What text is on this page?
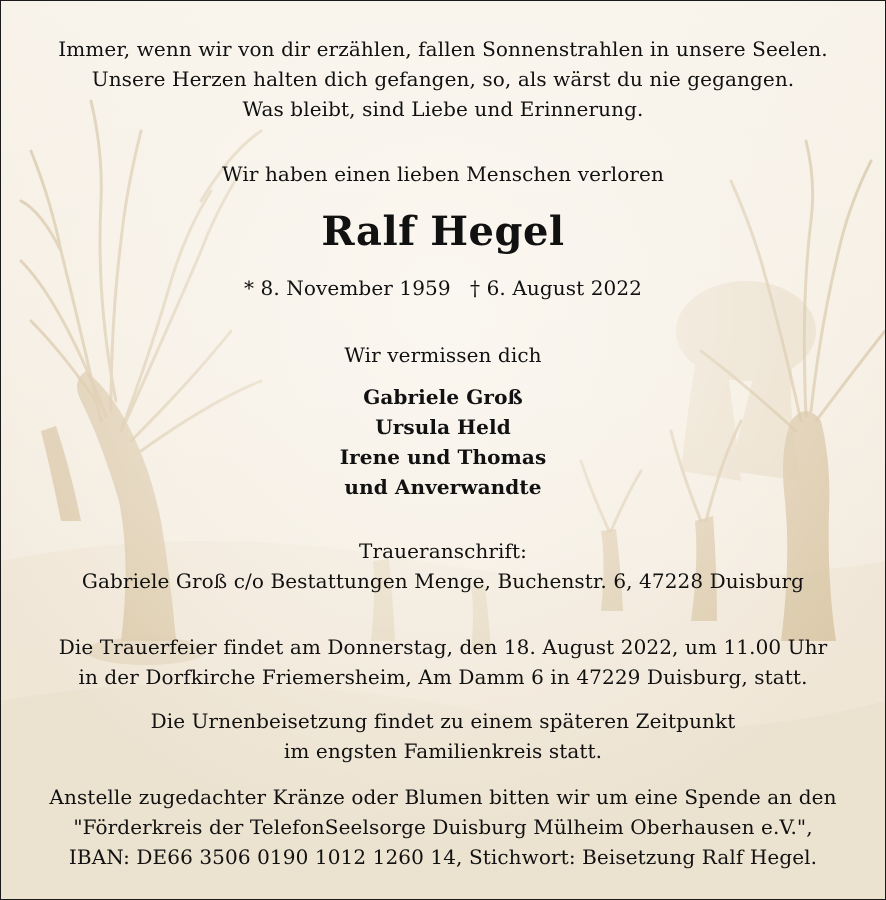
Immer, wenn wir von dir erzählen, fallen Sonnenstrahlen in unsere Seelen.
Unsere Herzen halten dich gefangen, so, als wärst du nie gegangen.
Was bleibt, sind Liebe und Erinnerung.
Wir haben einen lieben Menschen verloren
Ralf Hegel
* 8. November 1959   † 6. August 2022
Wir vermissen dich
Gabriele Groß
Ursula Held
Irene und Thomas
und Anverwandte
Traueranschrift:
Gabriele Groß c/o Bestattungen Menge, Buchenstr. 6, 47228 Duisburg
Die Trauerfeier findet am Donnerstag, den 18. August 2022, um 11.00 Uhr
in der Dorfkirche Friemersheim, Am Damm 6 in 47229 Duisburg, statt.
Die Urnenbeisetzung findet zu einem späteren Zeitpunkt
im engsten Familienkreis statt.
Anstelle zugedachter Kränze oder Blumen bitten wir um eine Spende an den
"Förderkreis der TelefonSeelsorge Duisburg Mülheim Oberhausen e.V.",
IBAN: DE66 3506 0190 1012 1260 14, Stichwort: Beisetzung Ralf Hegel.
